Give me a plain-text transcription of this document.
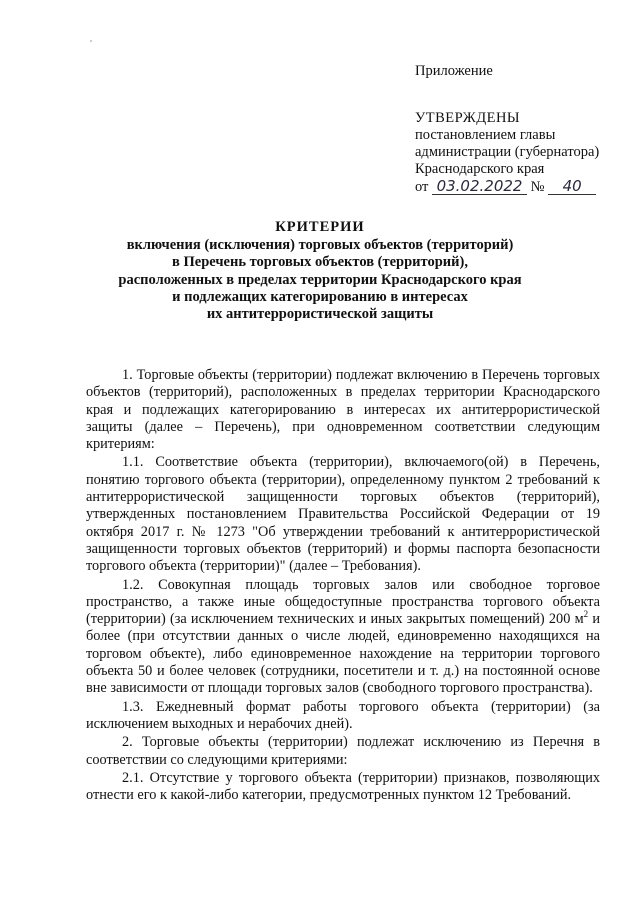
Приложение
УТВЕРЖДЕНЫ
постановлением главы
администрации (губернатора)
Краснодарского края
от 03.02.2022 № 40
КРИТЕРИИ
включения (исключения) торговых объектов (территорий)
в Перечень торговых объектов (территорий),
расположенных в пределах территории Краснодарского края
и подлежащих категорированию в интересах
их антитеррористической защиты

1. Торговые объекты (территории) подлежат включению в Перечень торговых объектов (территорий), расположенных в пределах территории Краснодарского края и подлежащих категорированию в интересах их антитеррористической защиты (далее – Перечень), при одновременном соответствии следующим критериям:

1.1. Соответствие объекта (территории), включаемого(ой) в Перечень, понятию торгового объекта (территории), определенному пунктом 2 требований к антитеррористической защищенности торговых объектов (территорий), утвержденных постановлением Правительства Российской Федерации от 19 октября 2017 г. № 1273 "Об утверждении требований к антитеррористической защищенности торговых объектов (территорий) и формы паспорта безопасности торгового объекта (территории)" (далее – Требования).

1.2. Совокупная площадь торговых залов или свободное торговое пространство, а также иные общедоступные пространства торгового объекта (территории) (за исключением технических и иных закрытых помещений) 200 $м^2$ и более (при отсутствии данных о числе людей, единовременно находящихся на торговом объекте), либо единовременное нахождение на территории торгового объекта 50 и более человек (сотрудники, посетители и т. д.) на постоянной основе вне зависимости от площади торговых залов (свободного торгового пространства).

1.3. Ежедневный формат работы торгового объекта (территории) (за исключением выходных и нерабочих дней).

2. Торговые объекты (территории) подлежат исключению из Перечня в соответствии со следующими критериями:

2.1. Отсутствие у торгового объекта (территории) признаков, позволяющих отнести его к какой-либо категории, предусмотренных пунктом 12 Требований.
